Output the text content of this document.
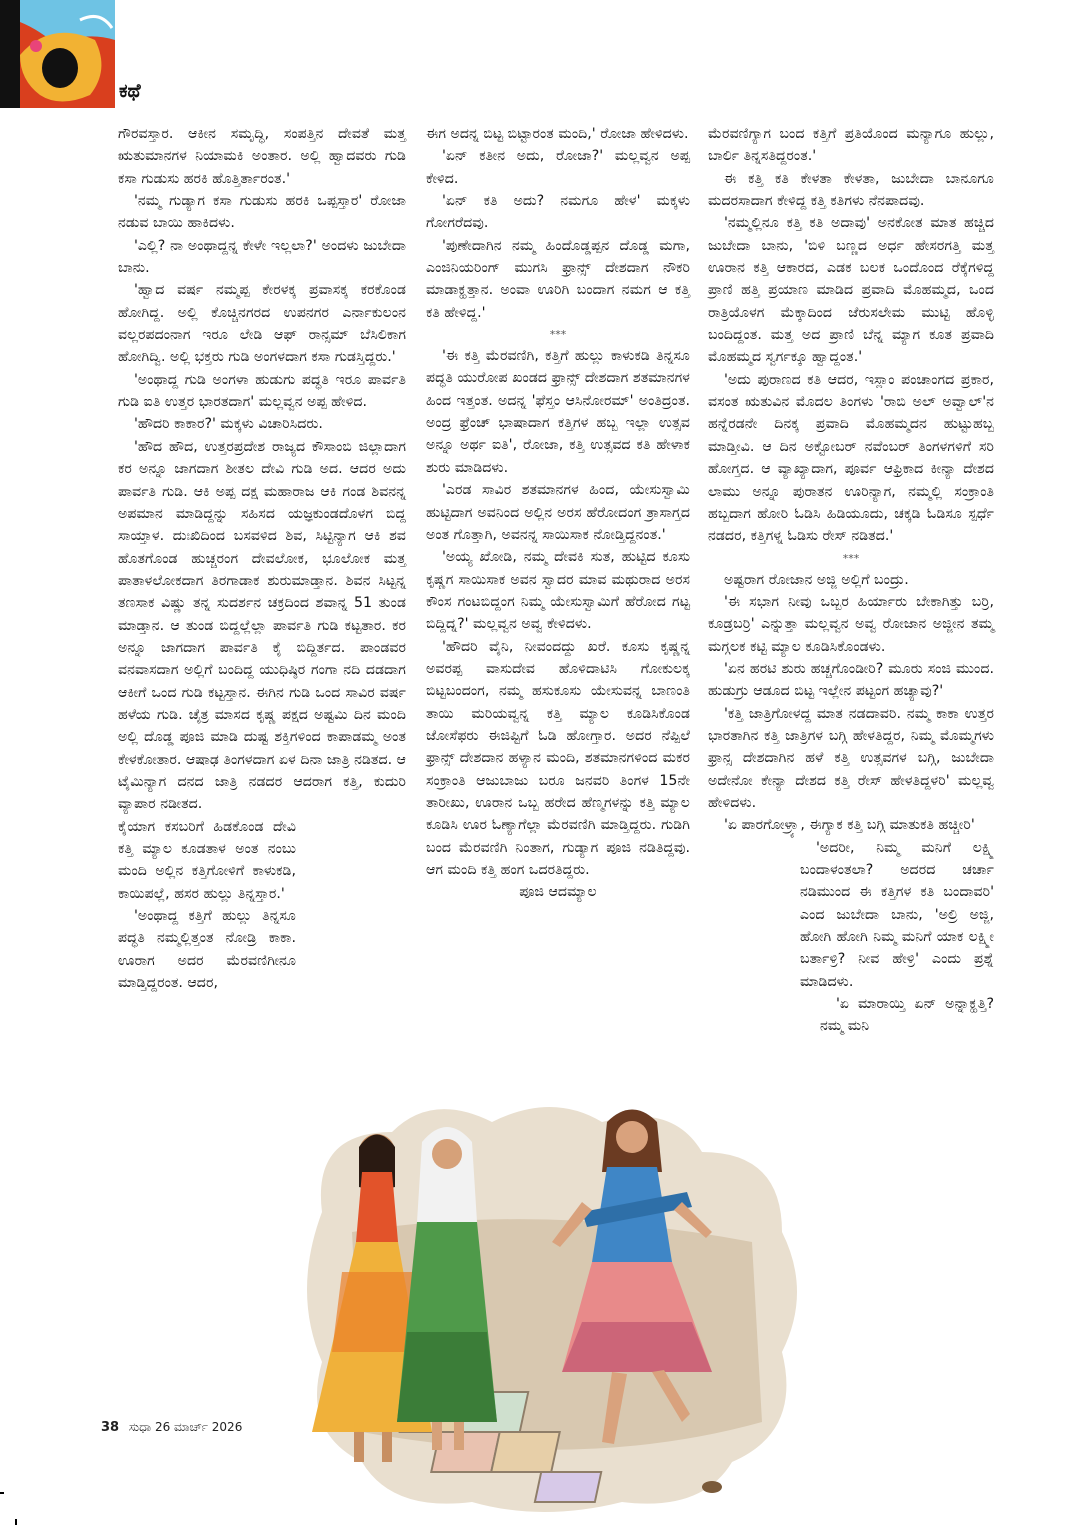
ಕಥೆ

ಗೌರವಸ್ತಾರ. ಆಕೀನ ಸಮೃದ್ಧಿ, ಸಂಪತ್ತಿನ ದೇವತೆ ಮತ್ತ ಋತುಮಾನಗಳ ನಿಯಾಮಕಿ ಅಂತಾರ. ಅಲ್ಲಿ ಹ್ವಾದವರು ಗುಡಿ ಕಸಾ ಗುಡುಸು ಹರಕಿ ಹೊತ್ತಿರ್ತಾರಂತ.'

'ನಮ್ಮ ಗುಡ್ಯಾಗ ಕಸಾ ಗುಡುಸು ಹರಕಿ ಒಪ್ಪಸ್ತಾರ' ರೋಜಾ ನಡುವ ಬಾಯಿ ಹಾಕಿದಳು.

'ಎಲ್ಲಿ? ನಾ ಅಂಥಾದ್ದನ್ನ ಕೇಳೇ ಇಲ್ಲಲಾ?' ಅಂದಳು ಜುಬೇದಾ ಬಾನು.

'ಹ್ವಾದ ವರ್ಷ ನಮ್ಮಪ್ಪ ಕೇರಳಕ್ಕ ಪ್ರವಾಸಕ್ಕ ಕರಕೊಂಡ ಹೋಗಿದ್ದ. ಅಲ್ಲಿ ಕೊಚ್ಚಿನಗರದ ಉಪನಗರ ಎರ್ನಾಕುಲಂನ ವಲ್ಲರಪದಂನಾಗ ಇರೂ ಲೇಡಿ ಆಫ್ ರಾನ್ಸಮ್ ಬೆಸಿಲಿಕಾಗ ಹೋಗಿದ್ವಿ. ಅಲ್ಲಿ ಭಕ್ತರು ಗುಡಿ ಅಂಗಳದಾಗ ಕಸಾ ಗುಡಸ್ತಿದ್ದರು.'

'ಅಂಥಾದ್ದ ಗುಡಿ ಅಂಗಳಾ ಹುಡುಗು ಪದ್ಧತಿ ಇರೂ ಪಾರ್ವತಿ ಗುಡಿ ಐತಿ ಉತ್ತರ ಭಾರತದಾಗ' ಮಲ್ಲವ್ವನ ಅಪ್ಪ ಹೇಳಿದ.

'ಹೌದರಿ ಕಾಕಾರ?' ಮಕ್ಕಳು ವಿಚಾರಿಸಿದರು.

'ಹೌದ ಹೌದ, ಉತ್ತರಪ್ರದೇಶ ರಾಜ್ಯದ ಕೌಸಾಂಬಿ ಜಿಲ್ಲಾದಾಗ ಕರ ಅನ್ನೂ ಜಾಗದಾಗ ಶೀತಲ ದೇವಿ ಗುಡಿ ಅದ. ಆದರ ಅದು ಪಾರ್ವತಿ ಗುಡಿ. ಆಕಿ ಅಪ್ಪ ದಕ್ಷ ಮಹಾರಾಜ ಆಕಿ ಗಂಡ ಶಿವನನ್ನ ಅಪಮಾನ ಮಾಡಿದ್ದನ್ನು ಸಹಿಸದ ಯಜ್ಞಕುಂಡದೊಳಗ ಬಿದ್ದ ಸಾಯ್ತಾಳ. ದುಃಖಿದಿಂದ ಬಸವಳಿದ ಶಿವ, ಸಿಟ್ಟಿನ್ಯಾಗ ಆಕಿ ಶವ ಹೊತಗೊಂಡ ಹುಚ್ಚರಂಗ ದೇವಲೋಕ, ಭೂಲೋಕ ಮತ್ತ ಪಾತಾಳಲೋಕದಾಗ ತಿರಗಾಡಾಕ ಶುರುಮಾಡ್ತಾನ. ಶಿವನ ಸಿಟ್ಟನ್ನ ತಣಸಾಕ ವಿಷ್ಣು ತನ್ನ ಸುದರ್ಶನ ಚಕ್ರದಿಂದ ಶವಾನ್ನ 51 ತುಂಡ ಮಾಡ್ತಾನ. ಆ ತುಂಡ ಬಿದ್ದಲ್ಲೆಲ್ಲಾ ಪಾರ್ವತಿ ಗುಡಿ ಕಟ್ಟತಾರ. ಕರ ಅನ್ನೂ ಜಾಗದಾಗ ಪಾರ್ವತಿ ಕೈ ಬಿದ್ದಿರ್ತದ. ಪಾಂಡವರ ವನವಾಸದಾಗ ಅಲ್ಲಿಗೆ ಬಂದಿದ್ದ ಯುಧಿಷ್ಠಿರ ಗಂಗಾ ನದಿ ದಡದಾಗ ಆಕೀಗೆ ಒಂದ ಗುಡಿ ಕಟ್ಟಸ್ತಾನ. ಈಗಿನ ಗುಡಿ ಒಂದ ಸಾವಿರ ವರ್ಷ ಹಳೆಯ ಗುಡಿ. ಚೈತ್ರ ಮಾಸದ ಕೃಷ್ಣ ಪಕ್ಷದ ಅಷ್ಟಮಿ ದಿನ ಮಂದಿ ಅಲ್ಲಿ ದೊಡ್ಡ ಪೂಜಿ ಮಾಡಿ ದುಷ್ಟ ಶಕ್ತಿಗಳಿಂದ ಕಾಪಾಡಮ್ಮ ಅಂತ ಕೇಳಕೋತಾರ. ಆಷಾಢ ತಿಂಗಳದಾಗ ಏಳ ದಿನಾ ಜಾತ್ರಿ ನಡಿತದ. ಆ ಟೈಮಿನ್ಯಾಗ ದನದ ಜಾತ್ರಿ ನಡದರ ಆದರಾಗ ಕತ್ತಿ, ಕುದುರಿ ವ್ಯಾಪಾರ ನಡೀತದ.

ಕೈಯಾಗ ಕಸಬರಿಗೆ ಹಿಡಕೊಂಡ ದೇವಿ ಕತ್ತಿ ಮ್ಯಾಲ ಕೂಡತಾಳ ಅಂತ ನಂಬು ಮಂದಿ ಅಲ್ಲಿನ ಕತ್ತಿಗೋಳಿಗೆ ಕಾಳುಕಡಿ, ಕಾಯಿಪಲ್ಲೆ, ಹಸರ ಹುಲ್ಲು ತಿನ್ನಸ್ತಾರ.'

'ಅಂಥಾದ್ದ ಕತ್ತಿಗೆ ಹುಲ್ಲು ತಿನ್ನಸೂ ಪದ್ಧತಿ ನಮ್ಮಲ್ಲಿತ್ತಂತ ನೋಡ್ರಿ ಕಾಕಾ. ಊರಾಗ ಅದರ ಮೆರವಣಿಗೀನೂ ಮಾಡ್ತಿದ್ದರಂತ. ಆದರ,

ಈಗ ಅದನ್ನ ಬಿಟ್ಟ ಬಿಟ್ಟಾರಂತ ಮಂದಿ,' ರೋಜಾ ಹೇಳಿದಳು.

'ಏನ್ ಕತೀನ ಅದು, ರೋಜಾ?' ಮಲ್ಲವ್ವನ ಅಪ್ಪ ಕೇಳಿದ.

'ಏನ್ ಕತಿ ಅದು? ನಮಗೂ ಹೇಳ' ಮಕ್ಕಳು ಗೋಗರೆದವು.

'ಪುಣೇದಾಗಿನ ನಮ್ಮ ಹಿಂದೊಡ್ಡಪ್ಪನ ದೊಡ್ಡ ಮಗಾ, ಎಂಜಿನಿಯರಿಂಗ್ ಮುಗಸಿ ಫ್ರಾನ್ಸ್ ದೇಶದಾಗ ನೌಕರಿ ಮಾಡಾಕ್ಹತ್ತಾನ. ಅಂವಾ ಊರಿಗಿ ಬಂದಾಗ ನಮಗ ಆ ಕತ್ತಿ ಕತಿ ಹೇಳಿದ್ದ.'

***

'ಈ ಕತ್ತಿ ಮೆರವಣಿಗಿ, ಕತ್ತಿಗೆ ಹುಲ್ಲು ಕಾಳುಕಡಿ ತಿನ್ನಸೂ ಪದ್ಧತಿ ಯುರೋಪ ಖಂಡದ ಫ್ರಾನ್ಸ್ ದೇಶದಾಗ ಶತಮಾನಗಳ ಹಿಂದ ಇತ್ತಂತ. ಅದನ್ನ 'ಫೆಸ್ತಂ ಆಸಿನೋರಮ್' ಅಂತಿದ್ರಂತ. ಅಂದ್ರ ಫ್ರೆಂಚ್ ಭಾಷಾದಾಗ ಕತ್ತಿಗಳ ಹಬ್ಬ ಇಲ್ಲಾ ಉತ್ಸವ ಅನ್ನೂ ಅರ್ಥ ಐತಿ', ರೋಜಾ, ಕತ್ತಿ ಉತ್ಸವದ ಕತಿ ಹೇಳಾಕ ಶುರು ಮಾಡಿದಳು.

'ಎರಡ ಸಾವಿರ ಶತಮಾನಗಳ ಹಿಂದ, ಯೇಸುಸ್ವಾಮಿ ಹುಟ್ಟಿದಾಗ ಅವನಿಂದ ಅಲ್ಲಿನ ಅರಸ ಹೆರೋದಂಗ ತ್ರಾಸಾಗ್ತದ ಅಂತ ಗೊತ್ತಾಗಿ, ಅವನನ್ನ ಸಾಯಿಸಾಕ ನೋಡ್ತಿದ್ದನಂತ.'

'ಅಯ್ಯ ಖೋಡಿ, ನಮ್ಮ ದೇವಕಿ ಸುತ, ಹುಟ್ಟಿದ ಕೂಸು ಕೃಷ್ಣಗ ಸಾಯಿಸಾಕ ಅವನ ಸ್ವಾದರ ಮಾವ ಮಥುರಾದ ಅರಸ ಕೌಂಸ ಗಂಟಬಿದ್ದಂಗ ನಿಮ್ಮ ಯೇಸುಸ್ವಾಮಿಗೆ ಹೆರೋದ ಗಟ್ಟ ಬಿದ್ದಿದ್ನ?' ಮಲ್ಲವ್ವನ ಅವ್ವ ಕೇಳಿದಳು.

'ಹೌದರಿ ವೈನಿ, ನೀವಂದದ್ದು ಖರೆ. ಕೂಸು ಕೃಷ್ಣನ್ನ ಅವರಪ್ಪ ವಾಸುದೇವ ಹೊಳಿದಾಟಿಸಿ ಗೋಕುಲಕ್ಕ ಬಿಟ್ಟಬಂದಂಗ, ನಮ್ಮ ಹಸುಕೂಸು ಯೇಸುವನ್ನ ಬಾಣಂತಿ ತಾಯಿ ಮರಿಯವ್ವನ್ನ ಕತ್ತಿ ಮ್ಯಾಲ ಕೂಡಿಸಿಕೊಂಡ ಜೋಸೆಫರು ಈಜಿಪ್ಟಿಗೆ ಓಡಿ ಹೋಗ್ತಾರ. ಅದರ ನೆಪ್ಪಿಲೆ ಫ್ರಾನ್ಸ್ ದೇಶದಾನ ಹಳ್ಯಾನ ಮಂದಿ, ಶತಮಾನಗಳಿಂದ ಮಕರ ಸಂಕ್ರಾಂತಿ ಆಜುಬಾಜು ಬರೂ ಜನವರಿ ತಿಂಗಳ 15ನೇ ತಾರೀಖು, ಊರಾನ ಒಬ್ಬ ಹರೇದ ಹೆಣ್ಮಗಳನ್ನು ಕತ್ತಿ ಮ್ಯಾಲ ಕೂಡಿಸಿ ಊರ ಓಣ್ಯಾಗೆಲ್ಲಾ ಮೆರವಣಿಗಿ ಮಾಡ್ತಿದ್ದರು. ಗುಡಿಗಿ ಬಂದ ಮೆರವಣಿಗಿ ನಿಂತಾಗ, ಗುಡ್ಯಾಗ ಪೂಜಿ ನಡಿತಿದ್ದವು. ಆಗ ಮಂದಿ ಕತ್ತಿ ಹಂಗ ಒದರತಿದ್ದರು.

ಪೂಜಿ ಆದಮ್ಯಾಲ

ಮೆರವಣಿಗ್ಯಾಗ ಬಂದ ಕತ್ತಿಗೆ ಪ್ರತಿಯೊಂದ ಮನ್ಯಾಗೂ ಹುಲ್ಲು, ಬಾರ್ಲಿ ತಿನ್ನಸತಿದ್ದರಂತ.'

ಈ ಕತ್ತಿ ಕತಿ ಕೇಳತಾ ಕೇಳತಾ, ಜುಬೇದಾ ಬಾನೂಗೂ ಮದರಸಾದಾಗ ಕೇಳಿದ್ದ ಕತ್ತಿ ಕತಿಗಳು ನೆನಪಾದವು.

'ನಮ್ಮಲ್ಲಿನೂ ಕತ್ತಿ ಕತಿ ಅದಾವು' ಅನಕೋತ ಮಾತ ಹಚ್ಚಿದ ಜುಬೇದಾ ಬಾನು, 'ಬಿಳಿ ಬಣ್ಣದ ಅರ್ಧ ಹೇಸರಗತ್ತಿ ಮತ್ತ ಊರಾನ ಕತ್ತಿ ಆಕಾರದ, ಎಡಕ ಬಲಕ ಒಂದೊಂದ ರೆಕ್ಕೆಗಳಿದ್ದ ಪ್ರಾಣಿ ಹತ್ತಿ ಪ್ರಯಾಣ ಮಾಡಿದ ಪ್ರವಾದಿ ಮೊಹಮ್ಮದ, ಒಂದ ರಾತ್ರಿಯೊಳಗ ಮೆಕ್ಕಾದಿಂದ ಜೆರುಸಲೇಮ ಮುಟ್ಟಿ ಹೊಳ್ಳಿ ಬಂದಿದ್ದಂತ. ಮತ್ತ ಅದ ಪ್ರಾಣಿ ಬೆನ್ನ ಮ್ಯಾಗ ಕೂತ ಪ್ರವಾದಿ ಮೊಹಮ್ಮದ ಸ್ವರ್ಗಕ್ಕೂ ಹ್ವಾದ್ದಂತ.'

'ಅದು ಪುರಾಣದ ಕತಿ ಆದರ, ಇಸ್ಲಾಂ ಪಂಚಾಂಗದ ಪ್ರಕಾರ, ವಸಂತ ಋತುವಿನ ಮೊದಲ ತಿಂಗಳು 'ರಾಬಿ ಅಲ್ ಅವ್ವಾಲ್'ನ ಹನ್ನೆರಡನೇ ದಿನಕ್ಕ ಪ್ರವಾದಿ ಮೊಹಮ್ಮದನ ಹುಟ್ಟುಹಬ್ಬ ಮಾಡ್ತೀವಿ. ಆ ದಿನ ಅಕ್ಟೋಬರ್ ನವೆಂಬರ್ ತಿಂಗಳಗಳಿಗೆ ಸರಿ ಹೋಗ್ತದ. ಆ ವ್ಯಾಖ್ಯಾದಾಗ, ಪೂರ್ವ ಆಫ್ರಿಕಾದ ಕೀನ್ಯಾ ದೇಶದ ಲಾಮು ಅನ್ನೂ ಪುರಾತನ ಊರಿನ್ಯಾಗ, ನಮ್ಮಲ್ಲಿ ಸಂಕ್ರಾಂತಿ ಹಬ್ಬದಾಗ ಹೋರಿ ಓಡಿಸಿ ಹಿಡಿಯೂದು, ಚಕ್ಕಡಿ ಓಡಿಸೂ ಸ್ಪರ್ಧೆ ನಡದರ, ಕತ್ತಿಗಳ್ನ ಓಡಿಸು ರೇಸ್ ನಡಿತದ.'

***

ಅಷ್ಟರಾಗ ರೋಜಾನ ಅಜ್ಜಿ ಅಲ್ಲಿಗೆ ಬಂದ್ರು.

'ಈ ಸಭಾಗ ನೀವು ಒಬ್ಬರ ಹಿರ್ಯಾರು ಬೇಕಾಗಿತ್ತು ಬರ್ರಿ, ಕೂಡ್ರಬರ್ರಿ' ಎನ್ನುತ್ತಾ ಮಲ್ಲವ್ವನ ಅವ್ವ ರೋಜಾನ ಅಜ್ಜೀನ ತಮ್ಮ ಮಗ್ಗಲಕ ಕಟ್ಟಿ ಮ್ಯಾಲ ಕೂಡಿಸಿಕೊಂಡಳು.

'ಏನ ಹರಟಿ ಶುರು ಹಚ್ಚಗೊಂಡೀರಿ? ಮೂರು ಸಂಜಿ ಮುಂದ. ಹುಡುಗ್ರು ಆಡೂದ ಬಿಟ್ಟ ಇಲ್ಲೇನ ಪಟ್ಟಂಗ ಹಚ್ಯಾವು?'

'ಕತ್ತಿ ಜಾತ್ರಿಗೋಳದ್ದ ಮಾತ ನಡದಾವರಿ. ನಮ್ಮ ಕಾಕಾ ಉತ್ತರ ಭಾರತಾಗಿನ ಕತ್ತಿ ಜಾತ್ರಿಗಳ ಬಗ್ಗಿ ಹೇಳತಿದ್ದರ, ನಿಮ್ಮ ಮೊಮ್ಮಗಳು ಫ್ರಾನ್ಸ ದೇಶದಾಗಿನ ಹಳೆ ಕತ್ತಿ ಉತ್ಸವಗಳ ಬಗ್ಗಿ, ಜುಬೇದಾ ಅದೇನೋ ಕೇನ್ಯಾ ದೇಶದ ಕತ್ತಿ ರೇಸ್ ಹೇಳತಿದ್ದಳರಿ' ಮಲ್ಲವ್ವ ಹೇಳಿದಳು.

'ಏ ಪಾರಗೋಳ್ರ್ಯಾ, ಈಗ್ಯಾಕ ಕತ್ತಿ ಬಗ್ಗಿ ಮಾತುಕತಿ ಹಚ್ಚೀರಿ'

'ಅದರೀ, ನಿಮ್ಮ ಮನಿಗೆ ಲಕ್ಷ್ಮಿ ಬಂದಾಳಂತಲಾ? ಅದರದ ಚರ್ಚಾ ನಡಿಮುಂದ ಈ ಕತ್ತಿಗಳ ಕತಿ ಬಂದಾವರಿ' ಎಂದ ಜುಬೇದಾ ಬಾನು, 'ಅಲ್ರಿ ಅಜ್ಜಿ, ಹೋಗಿ ಹೋಗಿ ನಿಮ್ಮ ಮನಿಗೆ ಯಾಕ ಲಕ್ಷ್ಮೀ ಬರ್ತಾಳ್ರಿ? ನೀವ ಹೇಳ್ರಿ' ಎಂದು ಪ್ರಶ್ನೆ ಮಾಡಿದಳು.

'ಏ ಮಾರಾಯ್ತಿ ಏನ್ ಅನ್ನಾಕ್ಹತ್ತಿ? ನಮ್ಮ ಮನಿ

38 ಸುಧಾ 26 ಮಾರ್ಚ್ 2026
